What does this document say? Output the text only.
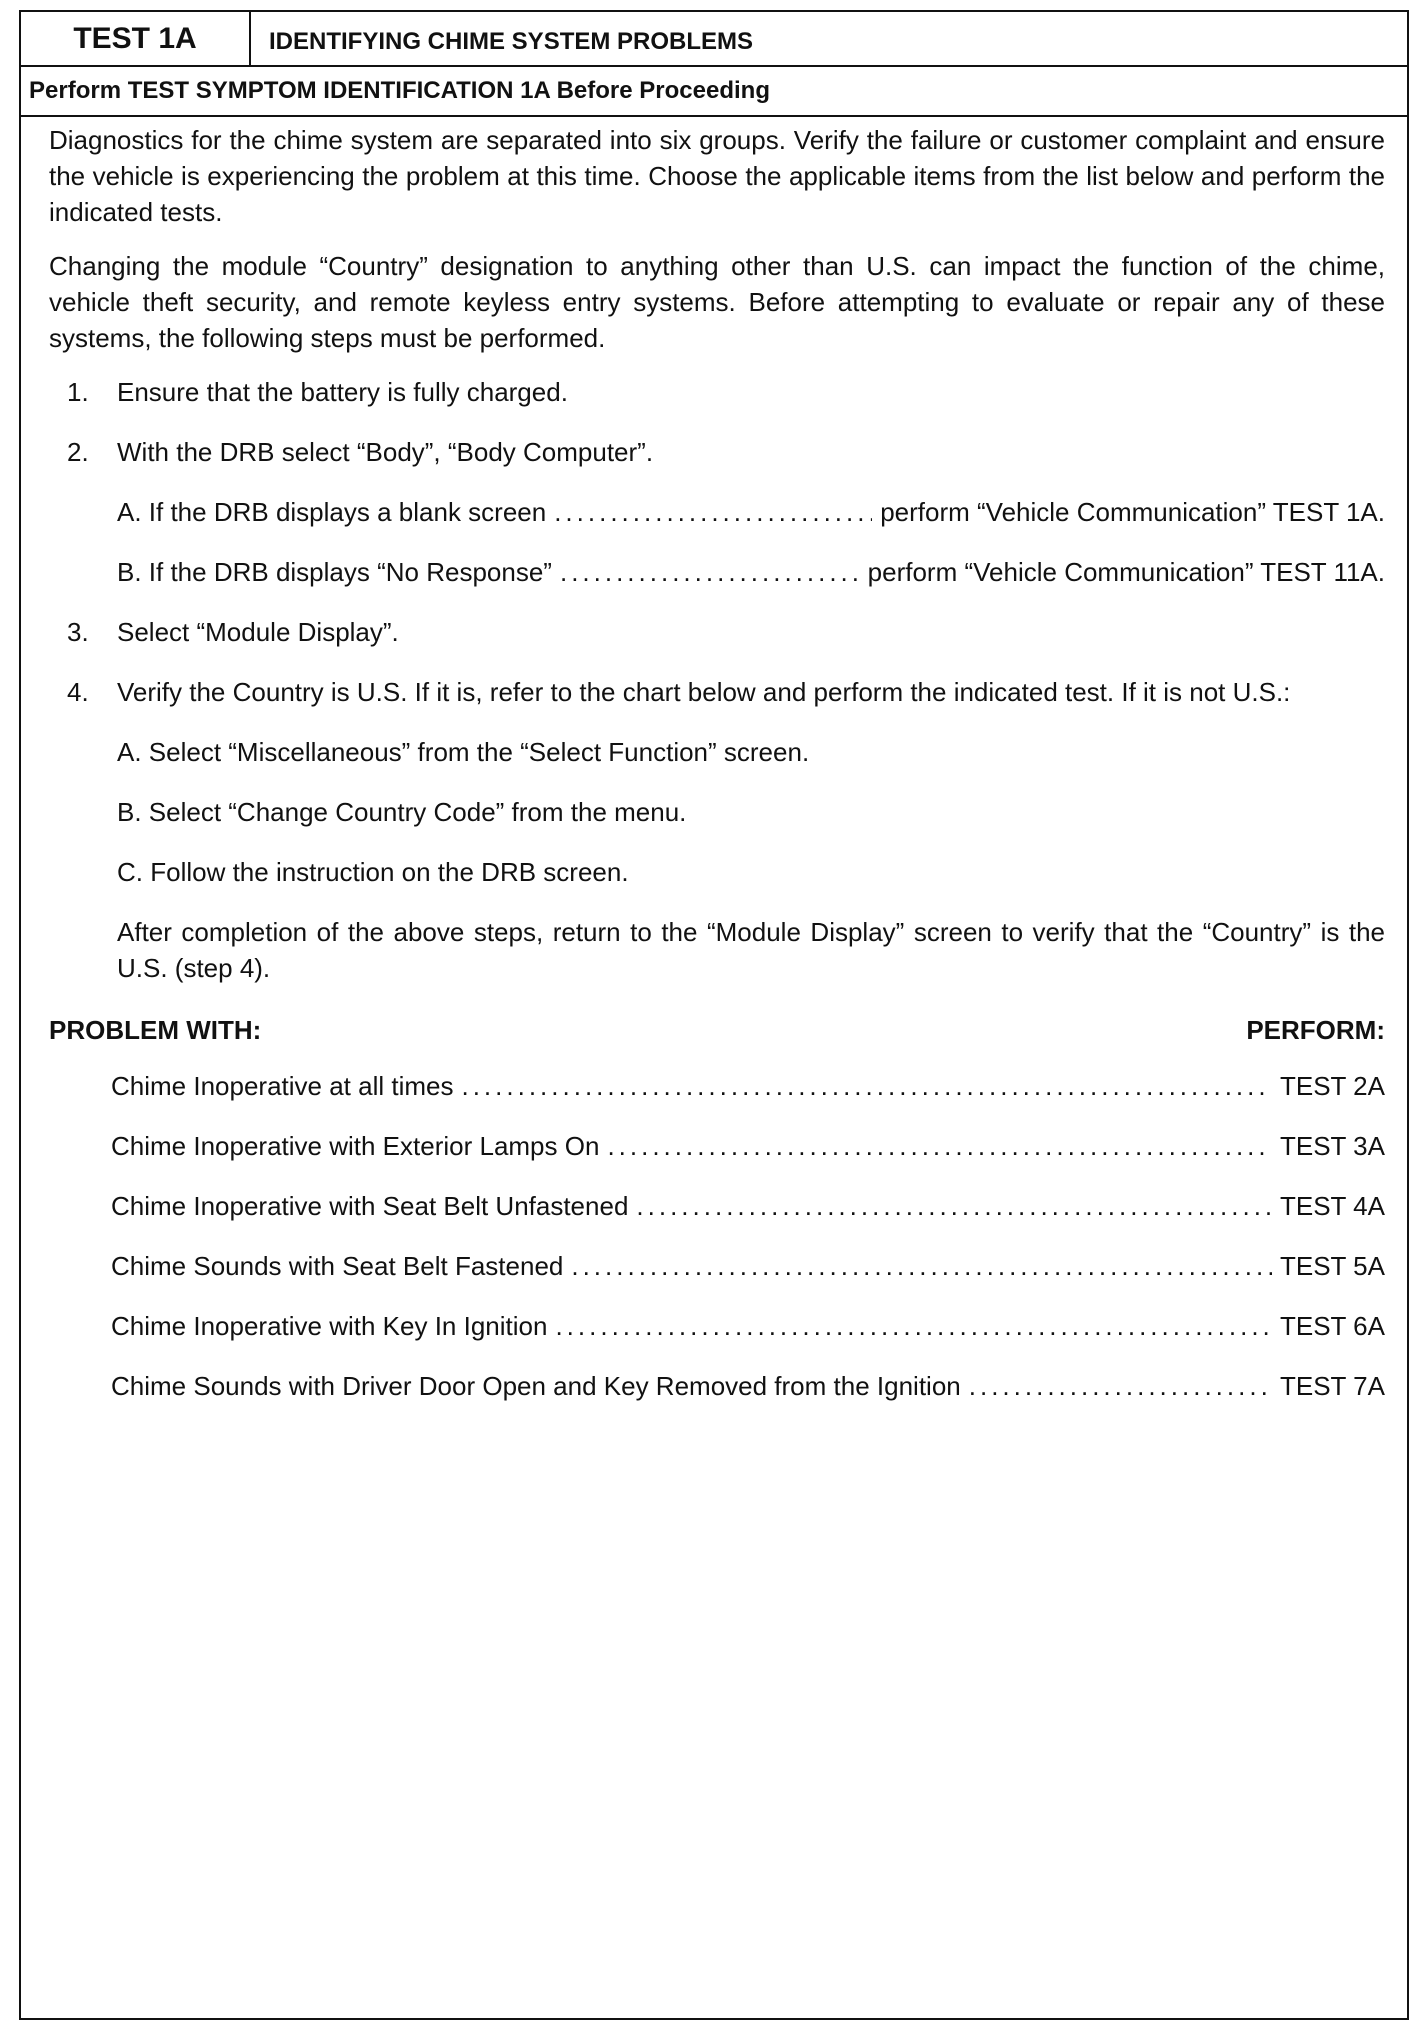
TEST 1A	IDENTIFYING CHIME SYSTEM PROBLEMS
Perform TEST SYMPTOM IDENTIFICATION 1A Before Proceeding

Diagnostics for the chime system are separated into six groups. Verify the failure or customer complaint and ensure the vehicle is experiencing the problem at this time. Choose the applicable items from the list below and perform the indicated tests.

Changing the module “Country” designation to anything other than U.S. can impact the function of the chime, vehicle theft security, and remote keyless entry systems. Before attempting to evaluate or repair any of these systems, the following steps must be performed.

1. Ensure that the battery is fully charged.
2. With the DRB select “Body”, “Body Computer”.
A. If the DRB displays a blank screen .....	perform “Vehicle Communication” TEST 1A.
B. If the DRB displays “No Response” .....	perform “Vehicle Communication” TEST 11A.
3. Select “Module Display”.
4. Verify the Country is U.S. If it is, refer to the chart below and perform the indicated test. If it is not U.S.:
A. Select “Miscellaneous” from the “Select Function” screen.
B. Select “Change Country Code” from the menu.
C. Follow the instruction on the DRB screen.
After completion of the above steps, return to the “Module Display” screen to verify that the “Country” is the U.S. (step 4).
PROBLEM WITH:	PERFORM:
Chime Inoperative at all times .....	TEST 2A
Chime Inoperative with Exterior Lamps On .....	TEST 3A
Chime Inoperative with Seat Belt Unfastened .....	TEST 4A
Chime Sounds with Seat Belt Fastened .....	TEST 5A
Chime Inoperative with Key In Ignition .....	TEST 6A
Chime Sounds with Driver Door Open and Key Removed from the Ignition .....	TEST 7A
